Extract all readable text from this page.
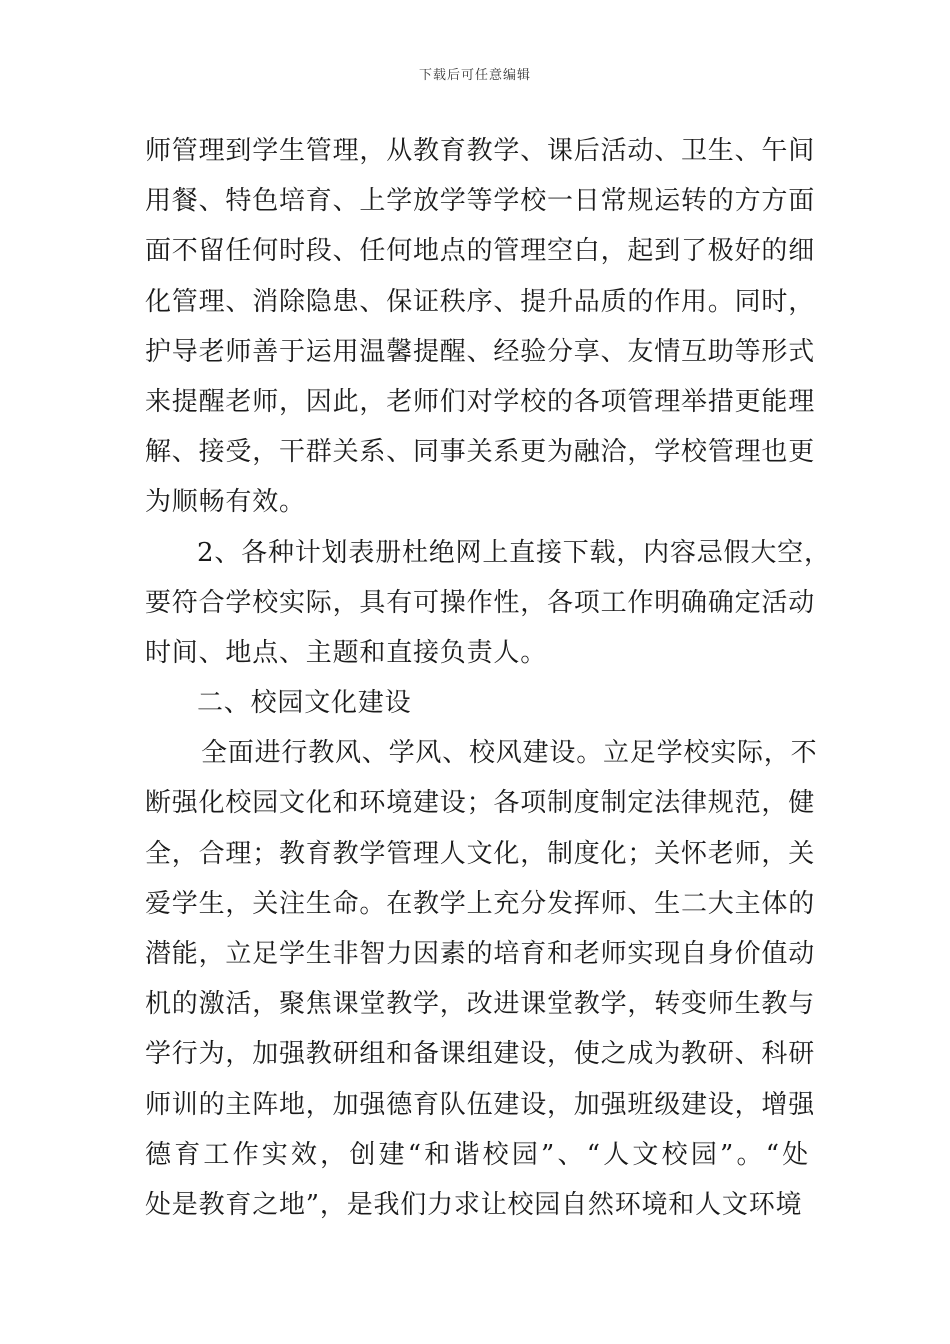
下载后可任意编辑
师管理到学生管理，从教育教学、课后活动、卫生、午间
用餐、特色培育、上学放学等学校一日常规运转的方方面
面不留任何时段、任何地点的管理空白，起到了极好的细
化管理、消除隐患、保证秩序、提升品质的作用。同时，
护导老师善于运用温馨提醒、经验分享、友情互助等形式
来提醒老师，因此，老师们对学校的各项管理举措更能理
解、接受，干群关系、同事关系更为融洽，学校管理也更
为顺畅有效。
2、各种计划表册杜绝网上直接下载，内容忌假大空，
要符合学校实际，具有可操作性，各项工作明确确定活动
时间、地点、主题和直接负责人。
二、校园文化建设
全面进行教风、学风、校风建设。立足学校实际，不
断强化校园文化和环境建设；各项制度制定法律规范，健
全，合理；教育教学管理人文化，制度化；关怀老师，关
爱学生，关注生命。在教学上充分发挥师、生二大主体的
潜能，立足学生非智力因素的培育和老师实现自身价值动
机的激活，聚焦课堂教学，改进课堂教学，转变师生教与
学行为，加强教研组和备课组建设，使之成为教研、科研
师训的主阵地，加强德育队伍建设，加强班级建设，增强
德育工作实效，创建“和谐校园”、“人文校园”。“处
处是教育之地”，是我们力求让校园自然环境和人文环境
